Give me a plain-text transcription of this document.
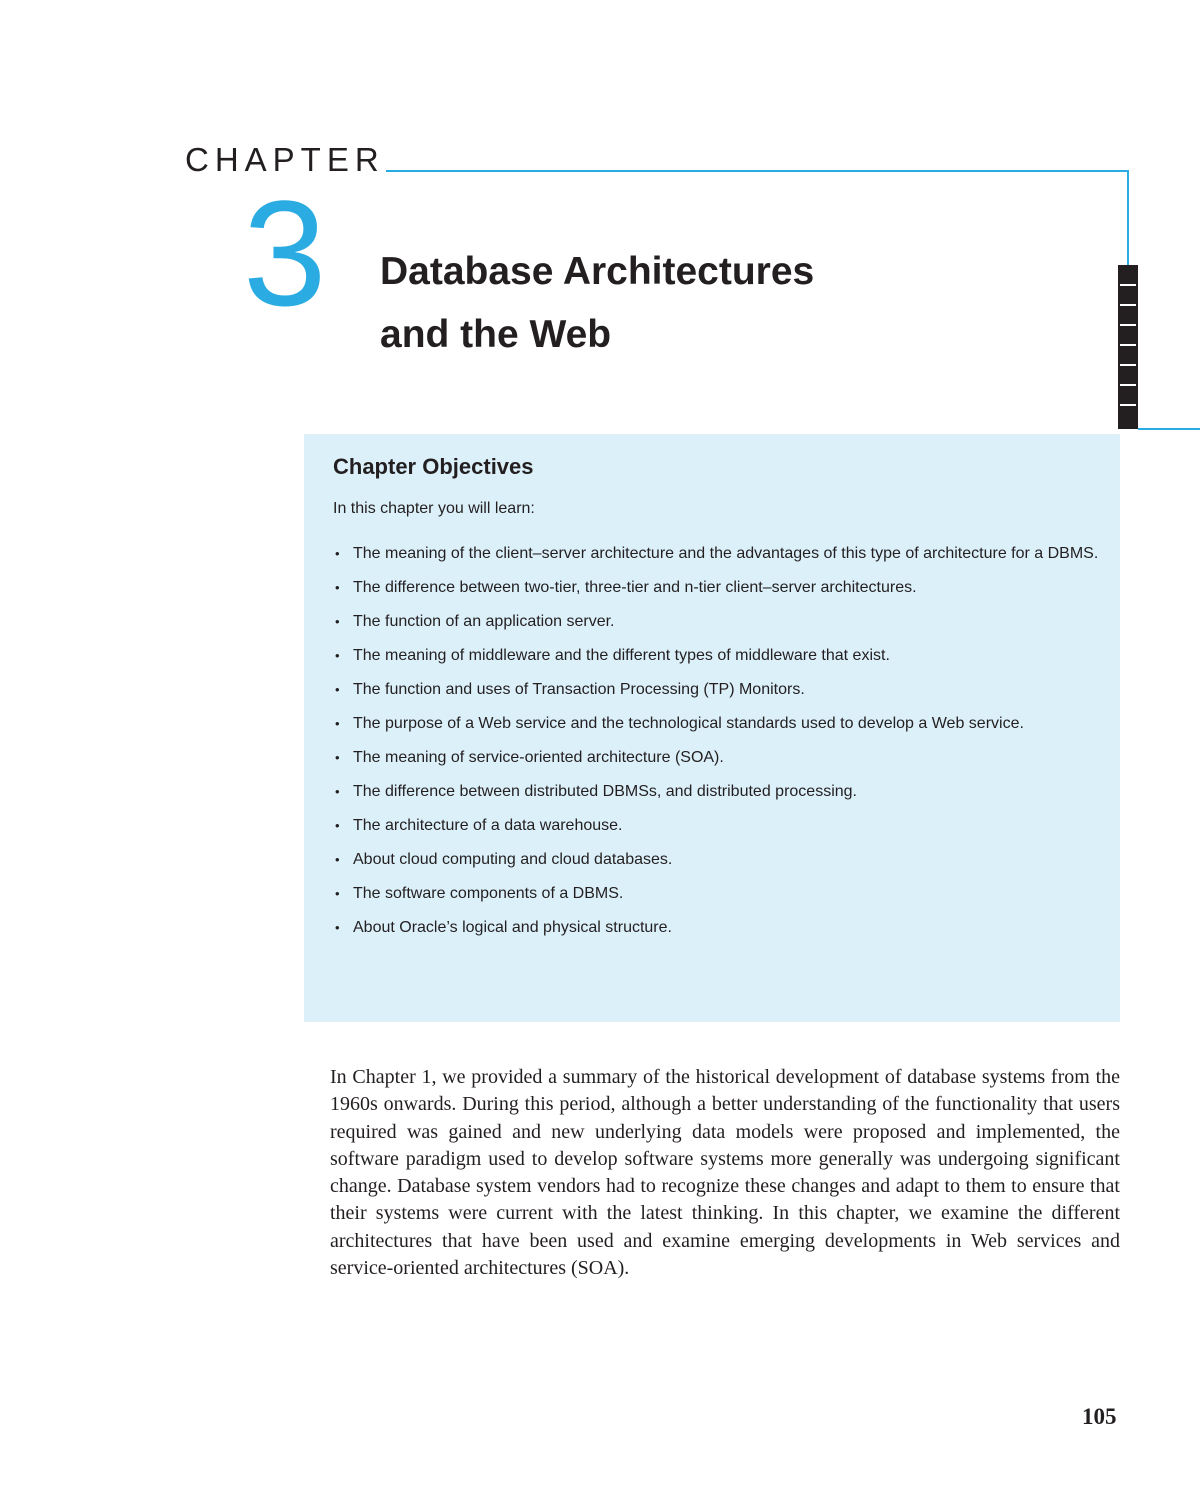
CHAPTER
3 Database Architectures
and the Web
Chapter Objectives

In this chapter you will learn:

• The meaning of the client–server architecture and the advantages of this type of architecture for a DBMS.
• The difference between two-tier, three-tier and n-tier client–server architectures.
• The function of an application server.
• The meaning of middleware and the different types of middleware that exist.
• The function and uses of Transaction Processing (TP) Monitors.
• The purpose of a Web service and the technological standards used to develop a Web service.
• The meaning of service-oriented architecture (SOA).
• The difference between distributed DBMSs, and distributed processing.
• The architecture of a data warehouse.
• About cloud computing and cloud databases.
• The software components of a DBMS.
• About Oracle’s logical and physical structure.

In Chapter 1, we provided a summary of the historical development of database systems from the 1960s onwards. During this period, although a better understanding of the functionality that users required was gained and new underlying data models were proposed and implemented, the software paradigm used to develop software systems more generally was undergoing significant change. Database system vendors had to recognize these changes and adapt to them to ensure that their systems were current with the latest thinking. In this chapter, we examine the different architectures that have been used and examine emerging developments in Web services and service-oriented architectures (SOA).

105
